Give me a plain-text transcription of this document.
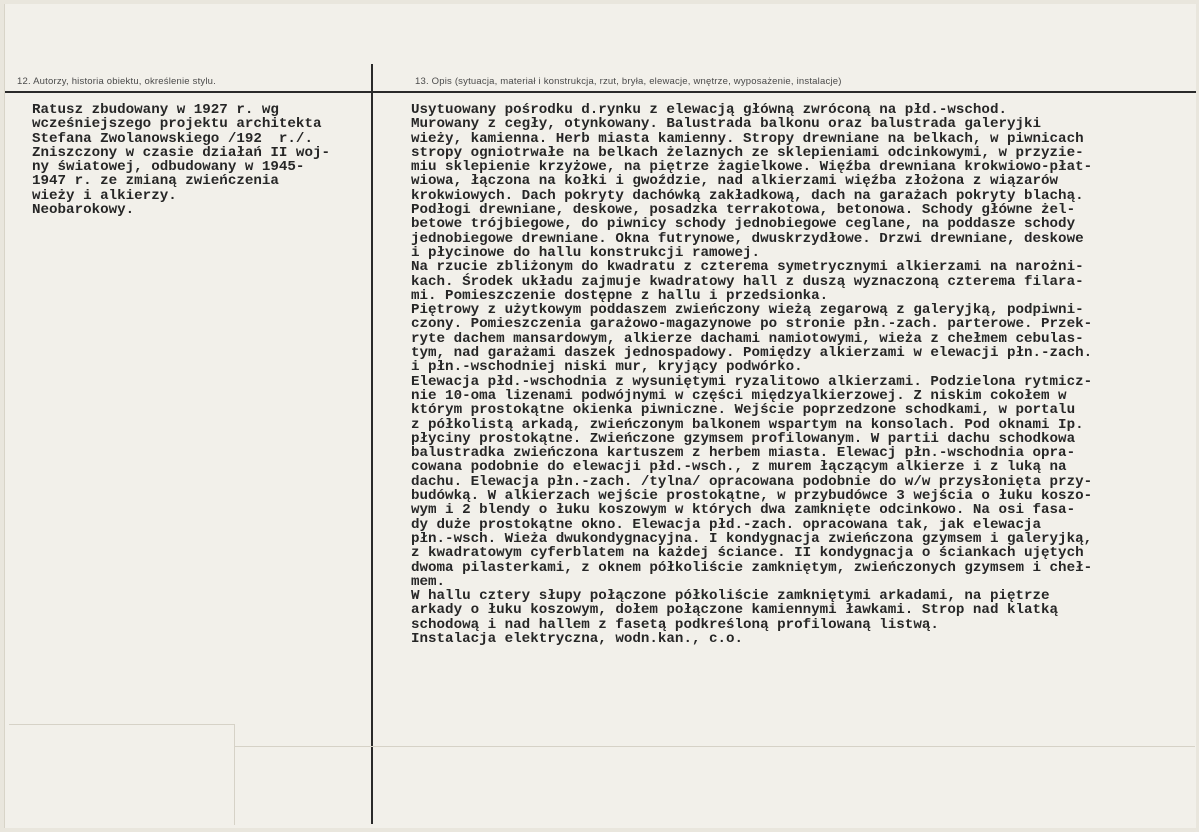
12. Autorzy, historia obiektu, określenie stylu.	13. Opis (sytuacja, materiał i konstrukcja, rzut, bryła, elewacje, wnętrze, wyposażenie, instalacje)
Ratusz zbudowany w 1927 r. wg
wcześniejszego projektu architekta
Stefana Zwolanowskiego /192  r./.
Zniszczony w czasie działań II woj-
ny światowej, odbudowany w 1945-
1947 r. ze zmianą zwieńczenia
wieży i alkierzy.
Neobarokowy.
Usytuowany pośrodku d.rynku z elewacją główną zwróconą na płd.-wschod.
Murowany z cegły, otynkowany. Balustrada balkonu oraz balustrada galeryjki
wieży, kamienna. Herb miasta kamienny. Stropy drewniane na belkach, w piwnicach
stropy ogniotrwałe na belkach żelaznych ze sklepieniami odcinkowymi, w przyzie-
miu sklepienie krzyżowe, na piętrze żagielkowe. Więźba drewniana krokwiowo-płat-
wiowa, łączona na kołki i gwoździe, nad alkierzami więźba złożona z wiązarów
krokwiowych. Dach pokryty dachówką zakładkową, dach na garażach pokryty blachą.
Podłogi drewniane, deskowe, posadzka terrakotowa, betonowa. Schody główne żel-
betowe trójbiegowe, do piwnicy schody jednobiegowe ceglane, na poddasze schody
jednobiegowe drewniane. Okna futrynowe, dwuskrzydłowe. Drzwi drewniane, deskowe
i płycinowe do hallu konstrukcji ramowej.
Na rzucie zbliżonym do kwadratu z czterema symetrycznymi alkierzami na narożni-
kach. Środek układu zajmuje kwadratowy hall z duszą wyznaczoną czterema filara-
mi. Pomieszczenie dostępne z hallu i przedsionka.
Piętrowy z użytkowym poddaszem zwieńczony wieżą zegarową z galeryjką, podpiwni-
czony. Pomieszczenia garażowo-magazynowe po stronie płn.-zach. parterowe. Przek-
ryte dachem mansardowym, alkierze dachami namiotowymi, wieża z chełmem cebulas-
tym, nad garażami daszek jednospadowy. Pomiędzy alkierzami w elewacji płn.-zach.
i płn.-wschodniej niski mur, kryjący podwórko.
Elewacja płd.-wschodnia z wysuniętymi ryzalitowo alkierzami. Podzielona rytmicz-
nie 10-oma lizenami podwójnymi w części międzyalkierzowej. Z niskim cokołem w
którym prostokątne okienka piwniczne. Wejście poprzedzone schodkami, w portalu
z półkolistą arkadą, zwieńczonym balkonem wspartym na konsolach. Pod oknami Ip.
płyciny prostokątne. Zwieńczone gzymsem profilowanym. W partii dachu schodkowa
balustradka zwieńczona kartuszem z herbem miasta. Elewacj płn.-wschodnia opra-
cowana podobnie do elewacji płd.-wsch., z murem łączącym alkierze i z luką na
dachu. Elewacja płn.-zach. /tylna/ opracowana podobnie do w/w przysłonięta przy-
budówką. W alkierzach wejście prostokątne, w przybudówce 3 wejścia o łuku koszo-
wym i 2 blendy o łuku koszowym w których dwa zamknięte odcinkowo. Na osi fasa-
dy duże prostokątne okno. Elewacja płd.-zach. opracowana tak, jak elewacja
płn.-wsch. Wieża dwukondygnacyjna. I kondygnacja zwieńczona gzymsem i galeryjką,
z kwadratowym cyferblatem na każdej ściance. II kondygnacja o ściankach ujętych
dwoma pilasterkami, z oknem półkoliście zamkniętym, zwieńczonych gzymsem i cheł-
mem.
W hallu cztery słupy połączone półkoliście zamkniętymi arkadami, na piętrze
arkady o łuku koszowym, dołem połączone kamiennymi ławkami. Strop nad klatką
schodową i nad hallem z fasetą podkreśloną profilowaną listwą.
Instalacja elektryczna, wodn.kan., c.o.
